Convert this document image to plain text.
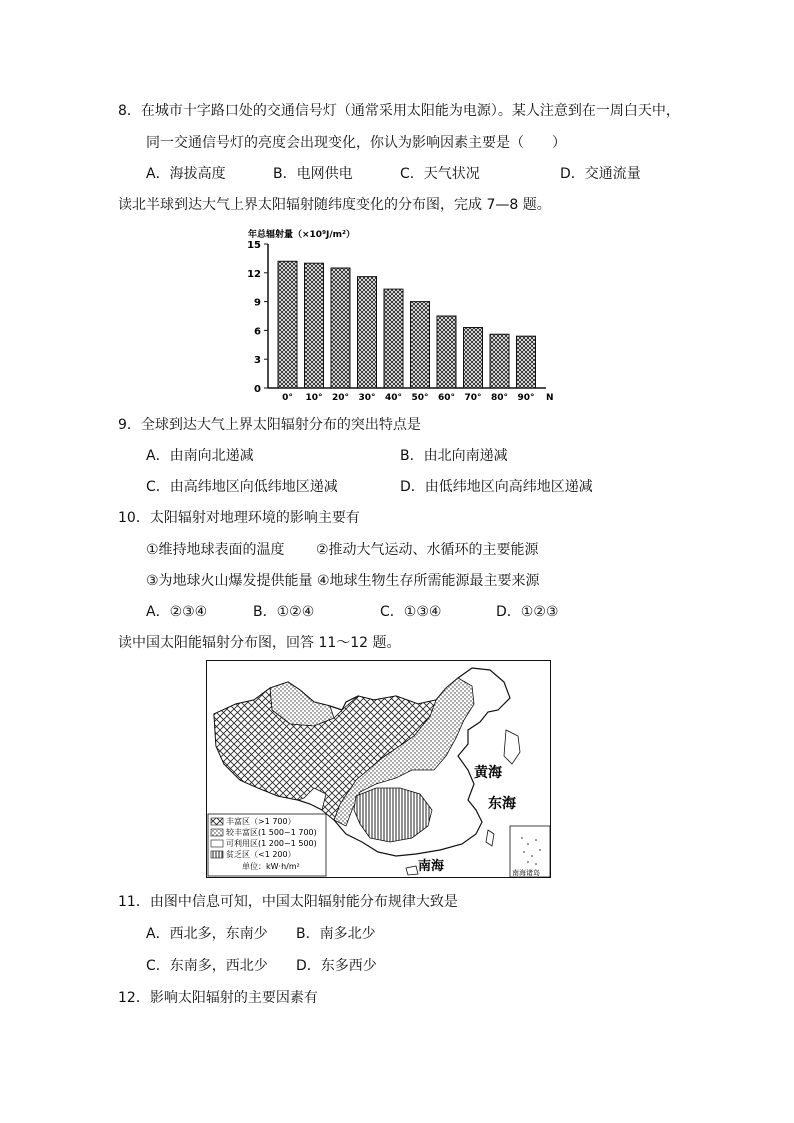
8．在城市十字路口处的交通信号灯（通常采用太阳能为电源）。某人注意到在一周白天中，
同一交通信号灯的亮度会出现变化，你认为影响因素主要是（　　）
A．海拔高度	B．电网供电	C．天气状况	D．交通流量
读北半球到达大气上界太阳辐射随纬度变化的分布图，完成 7—8 题。
年总辐射量（×10⁹J/m²）
0
3
6
9
12
15
0° 10° 20° 30° 40° 50° 60° 70° 80° 90° N
9．全球到达大气上界太阳辐射分布的突出特点是
A．由南向北递减	B．由北向南递减
C．由高纬地区向低纬地区递减	D．由低纬地区向高纬地区递减
10．太阳辐射对地理环境的影响主要有
①维持地球表面的温度 ②推动大气运动、水循环的主要能源
③为地球火山爆发提供能量 ④地球生物生存所需能源最主要来源
A．②③④	B．①②④	C．①③④	D．①②③
读中国太阳能辐射分布图，回答 11～12 题。
黄海
东海
南海	南海诸岛
丰富区（>1 700）
较丰富区(1 500~1 700)
可利用区(1 200~1 500)
贫乏区（<1 200）
单位：kW·h/m²
11．由图中信息可知，中国太阳辐射能分布规律大致是
A．西北多，东南少 B．南多北少
C．东南多，西北少 D．东多西少
12．影响太阳辐射的主要因素有
